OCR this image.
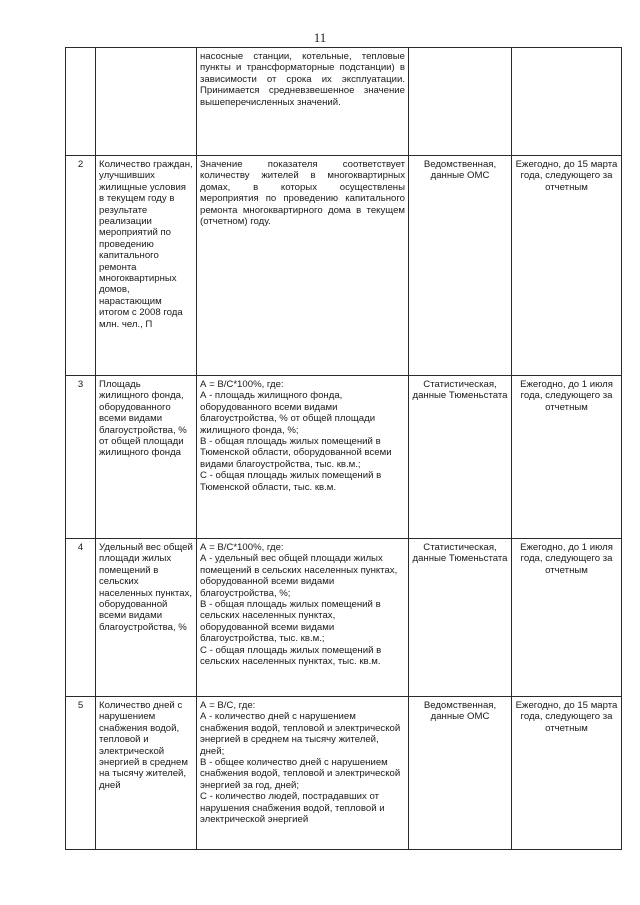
11
		насосные станции, котельные, тепловые пункты и трансформаторные подстанции) в зависимости от срока их эксплуатации. Принимается средневзвешенное значение вышеперечисленных значений.		
2	Количество граждан, улучшивших жилищные условия в текущем году в результате реализации мероприятий по проведению капитального ремонта многоквартирных домов, нарастающим итогом с 2008 года млн. чел., П	Значение показателя соответствует количеству жителей в многоквартирных домах, в которых осуществлены мероприятия по проведению капитального ремонта многоквартирного дома в текущем (отчетном) году.	Ведомственная, данные ОМС	Ежегодно, до 15 марта года, следующего за отчетным
3	Площадь жилищного фонда, оборудованного всеми видами благоустройства, % от общей площади жилищного фонда	А = В/С*100%, где:
А - площадь жилищного фонда, оборудованного всеми видами благоустройства, % от общей площади жилищного фонда, %;
В - общая площадь жилых помещений в Тюменской области, оборудованной всеми видами благоустройства, тыс. кв.м.;
С - общая площадь жилых помещений в Тюменской области, тыс. кв.м.	Статистическая, данные Тюменьстата	Ежегодно, до 1 июля года, следующего за отчетным
4	Удельный вес общей площади жилых помещений в сельских населенных пунктах, оборудованной всеми видами благоустройства, %	А = В/С*100%, где:
А - удельный вес общей площади жилых помещений в сельских населенных пунктах, оборудованной всеми видами благоустройства, %;
В - общая площадь жилых помещений в сельских населенных пунктах, оборудованной всеми видами благоустройства, тыс. кв.м.;
С - общая площадь жилых помещений в сельских населенных пунктах, тыс. кв.м.	Статистическая, данные Тюменьстата	Ежегодно, до 1 июля года, следующего за отчетным
5	Количество дней с нарушением снабжения водой, тепловой и электрической энергией в среднем на тысячу жителей, дней	А = В/С, где:
А - количество дней с нарушением снабжения водой, тепловой и электрической энергией в среднем на тысячу жителей, дней;
В - общее количество дней с нарушением снабжения водой, тепловой и электрической энергией за год, дней;
С - количество людей, пострадавших от нарушения снабжения водой, тепловой и электрической энергией	Ведомственная, данные ОМС	Ежегодно, до 15 марта года, следующего за отчетным
